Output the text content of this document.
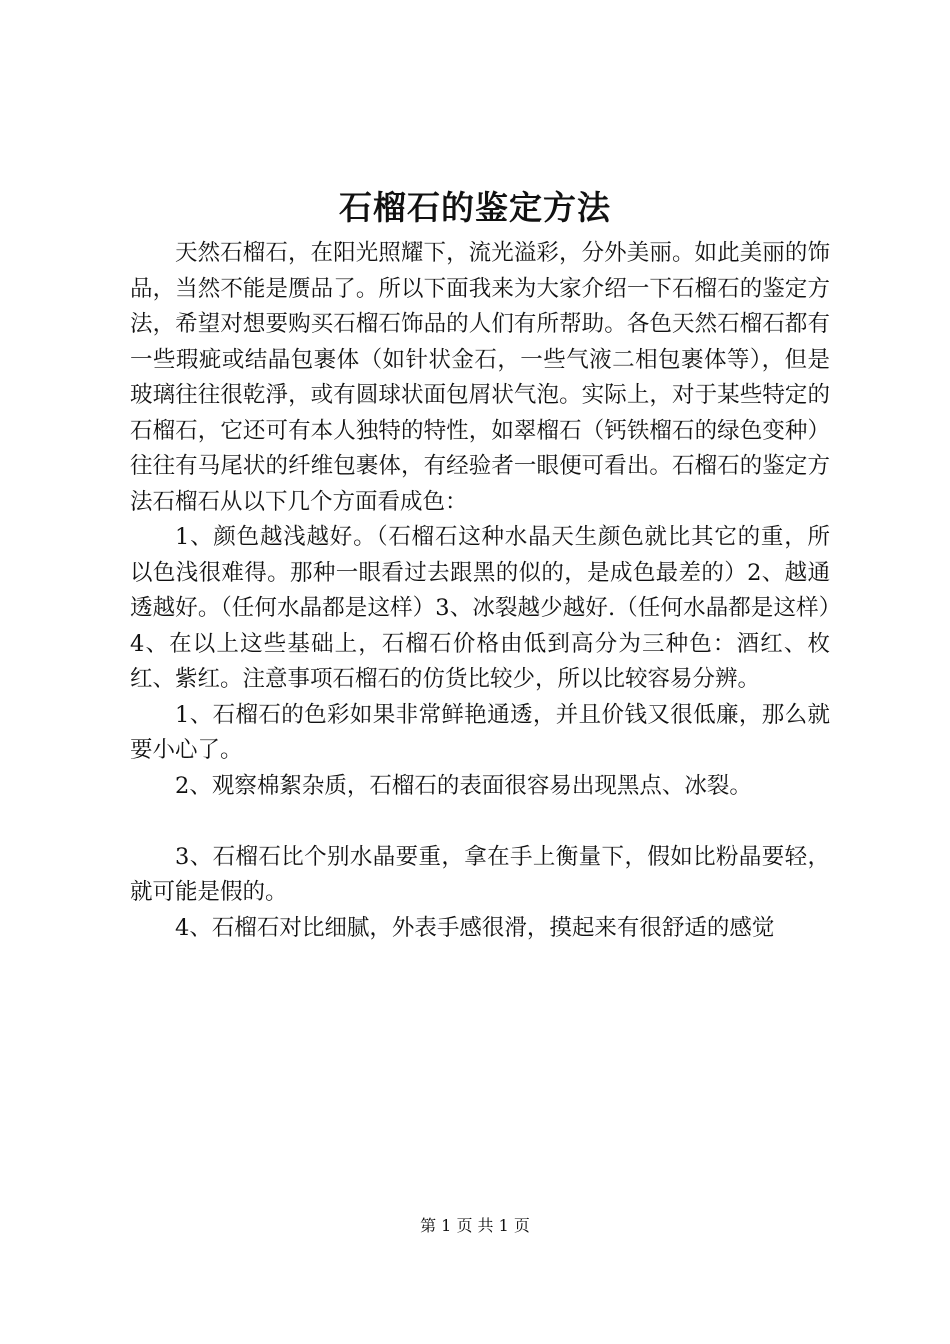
石榴石的鉴定方法

天然石榴石，在阳光照耀下，流光溢彩，分外美丽。如此美丽的饰品，当然不能是赝品了。所以下面我来为大家介绍一下石榴石的鉴定方法，希望对想要购买石榴石饰品的人们有所帮助。各色天然石榴石都有一些瑕疵或结晶包裹体（如针状金石，一些气液二相包裹体等），但是玻璃往往很乾淨，或有圆球状面包屑状气泡。实际上，对于某些特定的石榴石，它还可有本人独特的特性，如翠榴石（钙铁榴石的绿色变种）往往有马尾状的纤维包裹体，有经验者一眼便可看出。石榴石的鉴定方法石榴石从以下几个方面看成色：

1、颜色越浅越好。（石榴石这种水晶天生颜色就比其它的重，所以色浅很难得。那种一眼看过去跟黑的似的，是成色最差的）2、越通透越好。（任何水晶都是这样）3、冰裂越少越好.（任何水晶都是这样）4、在以上这些基础上，石榴石价格由低到高分为三种色：酒红、枚红、紫红。注意事项石榴石的仿货比较少，所以比较容易分辨。

1、石榴石的色彩如果非常鲜艳通透，并且价钱又很低廉，那么就要小心了。

2、观察棉絮杂质，石榴石的表面很容易出现黑点、冰裂。

3、石榴石比个别水晶要重，拿在手上衡量下，假如比粉晶要轻，就可能是假的。

4、石榴石对比细腻，外表手感很滑，摸起来有很舒适的感觉

第 1 页 共 1 页
